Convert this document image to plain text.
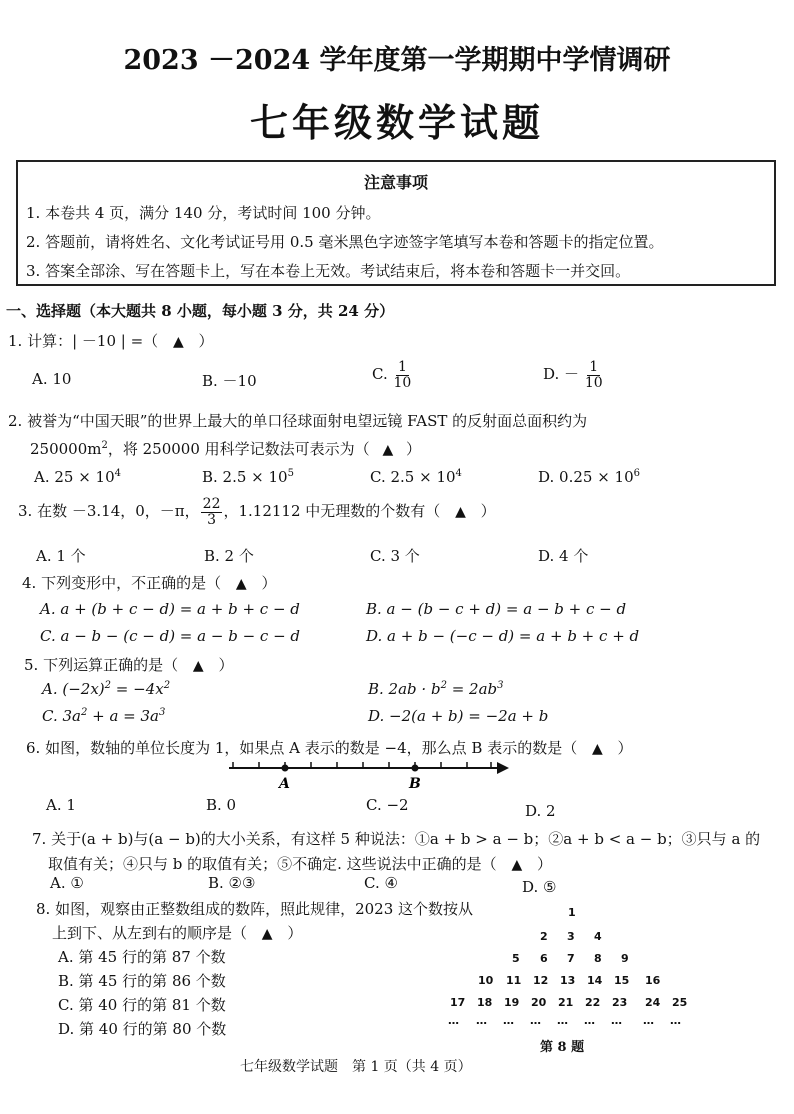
2023 －2024 学年度第一学期期中学情调研
七年级数学试题
注意事项
1. 本卷共 4 页，满分 140 分，考试时间 100 分钟。
2. 答题前，请将姓名、文化考试证号用 0.5 毫米黑色字迹签字笔填写本卷和答题卡的指定位置。
3. 答案全部涂、写在答题卡上，写在本卷上无效。考试结束后，将本卷和答题卡一并交回。
一、选择题（本大题共 8 小题，每小题 3 分，共 24 分）
1. 计算：| －10 | =（ ▲ ）
A. 10	B. －10	C. $\frac{1}{10}$	D. － $\frac{1}{10}$
2. 被誉为“中国天眼”的世界上最大的单口径球面射电望远镜 FAST 的反射面总面积约为
$250000m^2$，将 250000 用科学记数法可表示为（ ▲ ）
A. $25 \times 10^4$	B. $2.5 \times 10^5$	C. $2.5 \times 10^4$	D. $0.25 \times 10^6$
3. 在数 －3.14，0，－π， $\frac{22}{3}$ ，1.12112 中无理数的个数有（ ▲ ）
A. 1 个	B. 2 个	C. 3 个	D. 4 个
4. 下列变形中，不正确的是（ ▲ ）
A. a + (b + c − d) = a + b + c − d	B. a − (b − c + d) = a − b + c − d
C. a − b − (c − d) = a − b − c − d	D. a + b − (−c − d) = a + b + c + d
5. 下列运算正确的是（ ▲ ）
A. $(-2x)^2 = -4x^2$	B. $2ab \cdot b^2 = 2ab^3$
C. $3a^2 + a = 3a^3$	D. −2(a + b) = −2a + b
6. 如图，数轴的单位长度为 1，如果点 A 表示的数是 −4，那么点 B 表示的数是（ ▲ ）
A	B
A. 1	B. 0	C. −2	D. 2
7. 关于(a + b)与(a − b)的大小关系，有这样 5 种说法：①a + b > a − b；②a + b < a − b；③只与 a 的
取值有关；④只与 b 的取值有关；⑤不确定. 这些说法中正确的是（ ▲ ）
A. ①	B. ②③	C. ④	D. ⑤
8. 如图，观察由正整数组成的数阵，照此规律，2023 这个数按从
上到下、从左到右的顺序是（ ▲ ）
A. 第 45 行的第 87 个数
B. 第 45 行的第 86 个数
C. 第 40 行的第 81 个数
D. 第 40 行的第 80 个数
1
2 3 4
5 6 7 8 9
10 11 12 13 14 15 16
17 18 19 20 21 22 23 24 25
… … … … … … … … …
第 8 题
七年级数学试题　第 1 页（共 4 页）
